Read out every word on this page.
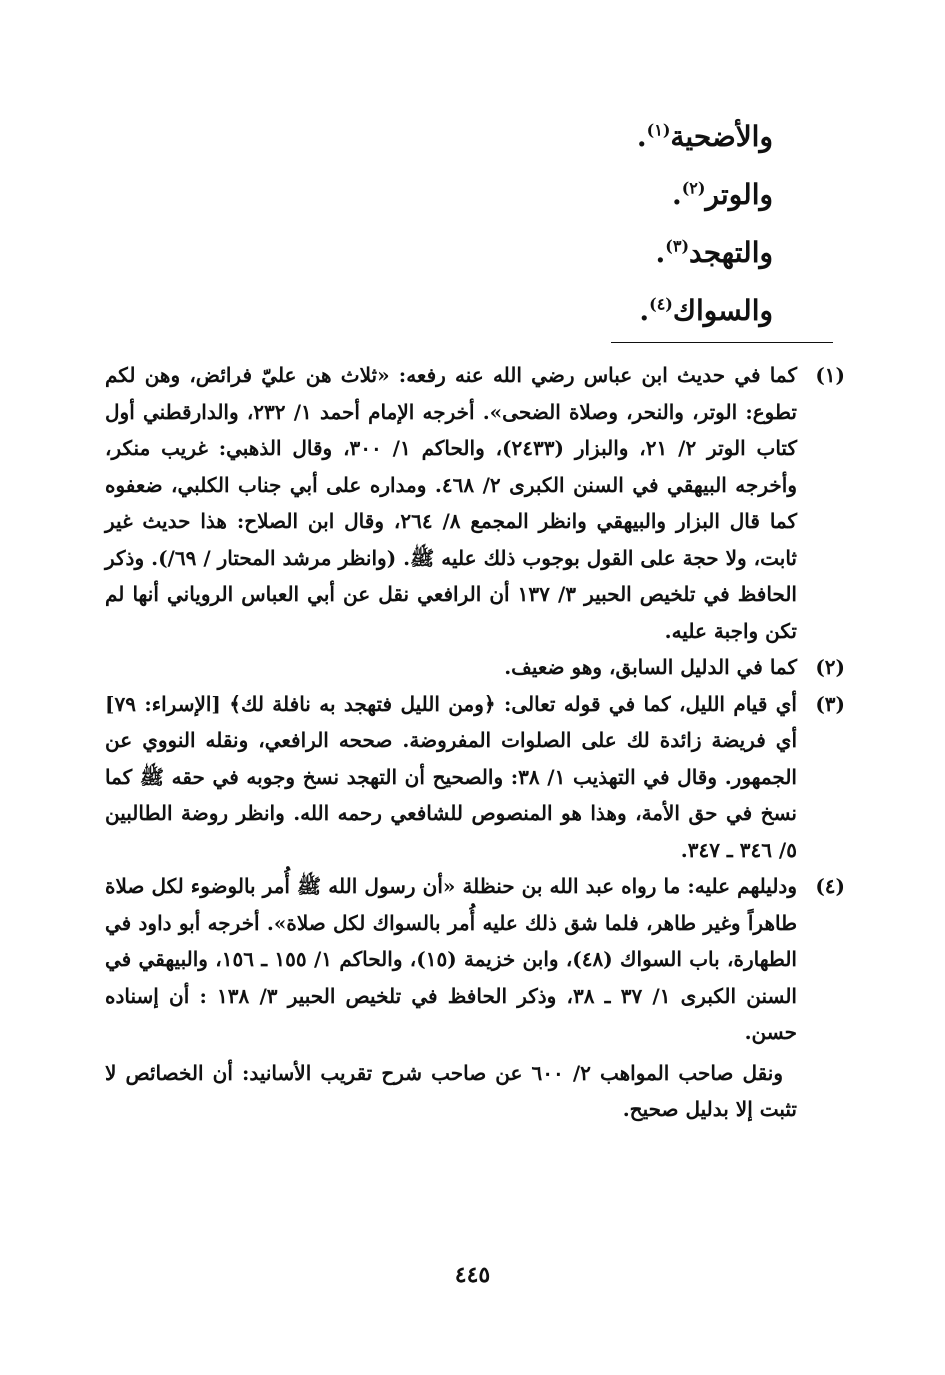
والأضحية$^{(١)}$.
والوتر$^{(٢)}$.
والتهجد$^{(٣)}$.
والسواك$^{(٤)}$.
(١)
كما في حديث ابن عباس رضي الله عنه رفعه: «ثلاث هن عليّ فرائض، وهن لكم تطوع: الوتر، والنحر، وصلاة الضحى». أخرجه الإمام أحمد ١/ ٢٣٢، والدارقطني أول كتاب الوتر ٢/ ٢١، والبزار (٢٤٣٣)، والحاكم ١/ ٣٠٠، وقال الذهبي: غريب منكر، وأخرجه البيهقي في السنن الكبرى ٢/ ٤٦٨. ومداره على أبي جناب الكلبي، ضعفوه كما قال البزار والبيهقي وانظر المجمع ٨/ ٢٦٤، وقال ابن الصلاح: هذا حديث غير ثابت، ولا حجة على القول بوجوب ذلك عليه ﷺ. (وانظر مرشد المحتار / ٦٩/). وذكر الحافظ في تلخيص الحبير ٣/ ١٣٧ أن الرافعي نقل عن أبي العباس الروياني أنها لم تكن واجبة عليه.
(٢)
كما في الدليل السابق، وهو ضعيف.
(٣)
أي قيام الليل، كما في قوله تعالى: ﴿ومن الليل فتهجد به نافلة لك﴾ [الإسراء: ٧٩] أي فريضة زائدة لك على الصلوات المفروضة. صححه الرافعي، ونقله النووي عن الجمهور. وقال في التهذيب ١/ ٣٨: والصحيح أن التهجد نسخ وجوبه في حقه ﷺ كما نسخ في حق الأمة، وهذا هو المنصوص للشافعي رحمه الله. وانظر روضة الطالبين ٥/ ٣٤٦ ـ ٣٤٧.
(٤)
ودليلهم عليه: ما رواه عبد الله بن حنظلة «أن رسول الله ﷺ أُمر بالوضوء لكل صلاة طاهراً وغير طاهر، فلما شق ذلك عليه أُمر بالسواك لكل صلاة». أخرجه أبو داود في الطهارة، باب السواك (٤٨)، وابن خزيمة (١٥)، والحاكم ١/ ١٥٥ ـ ١٥٦، والبيهقي في السنن الكبرى ١/ ٣٧ ـ ٣٨، وذكر الحافظ في تلخيص الحبير ٣/ ١٣٨ : أن إسناده حسن.
ونقل صاحب المواهب ٢/ ٦٠٠ عن صاحب شرح تقريب الأسانيد: أن الخصائص لا تثبت إلا بدليل صحيح.
٤٤٥
